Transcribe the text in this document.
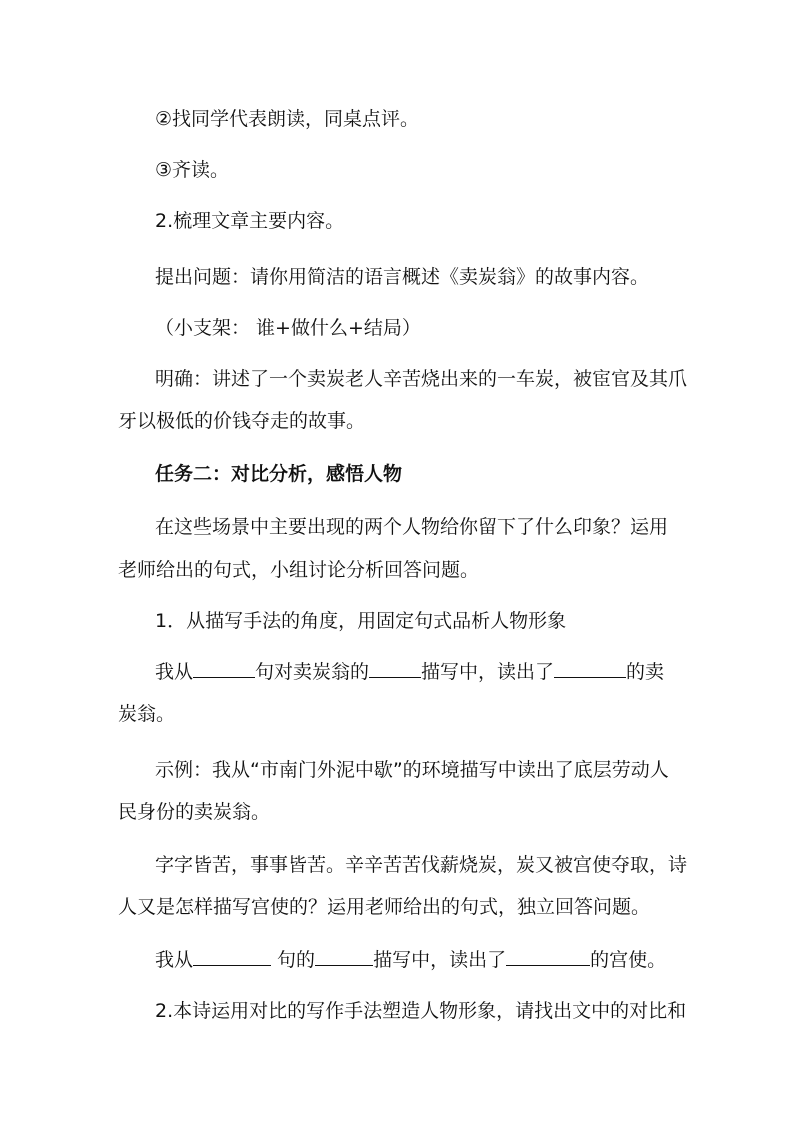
②找同学代表朗读，同桌点评。
③齐读。
2.梳理文章主要内容。
提出问题：请你用简洁的语言概述《卖炭翁》的故事内容。
（小支架： 谁+做什么+结局）
明确：讲述了一个卖炭老人辛苦烧出来的一车炭，被宦官及其爪
牙以极低的价钱夺走的故事。
任务二：对比分析，感悟人物
在这些场景中主要出现的两个人物给你留下了什么印象？运用
老师给出的句式，小组讨论分析回答问题。
1．从描写手法的角度，用固定句式品析人物形象
我从	句对卖炭翁的	描写中，读出了	的卖
炭翁。
示例：我从“市南门外泥中歇”的环境描写中读出了底层劳动人
民身份的卖炭翁。
字字皆苦，事事皆苦。辛辛苦苦伐薪烧炭，炭又被宫使夺取，诗
人又是怎样描写宫使的？运用老师给出的句式，独立回答问题。
我从	句的	描写中，读出了	的宫使。
2.本诗运用对比的写作手法塑造人物形象，请找出文中的对比和
